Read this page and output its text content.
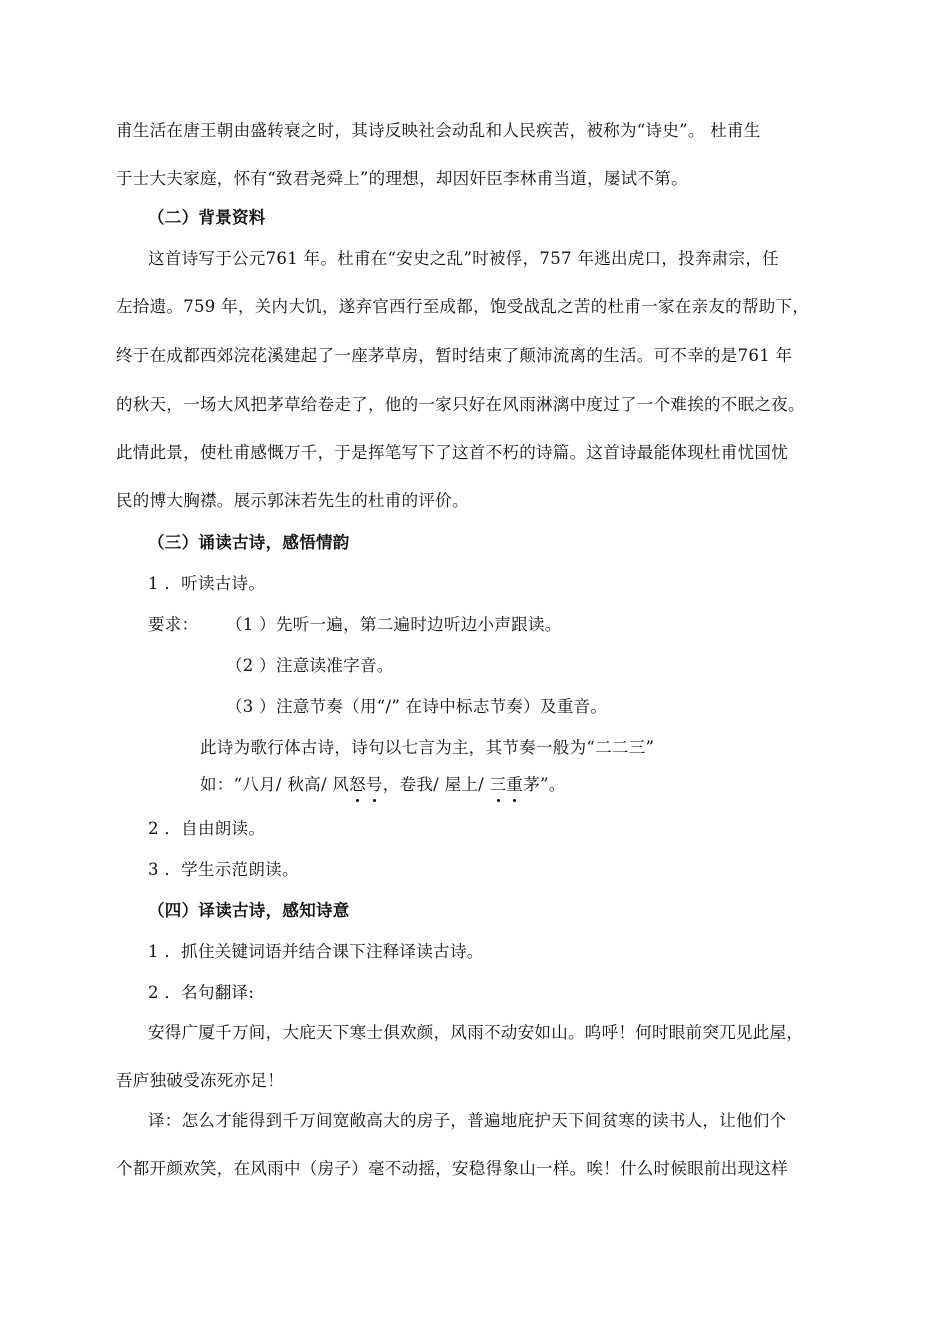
甫生活在唐王朝由盛转衰之时，其诗反映社会动乱和人民疾苦，被称为“诗史”。 杜甫生
于士大夫家庭，怀有“致君尧舜上”的理想，却因奸臣李林甫当道，屡试不第。
（二）背景资料
这首诗写于公元761 年。杜甫在“安史之乱”时被俘，757 年逃出虎口，投奔肃宗，任
左拾遗。759 年，关内大饥，遂弃官西行至成都，饱受战乱之苦的杜甫一家在亲友的帮助下，
终于在成都西郊浣花溪建起了一座茅草房，暂时结束了颠沛流离的生活。可不幸的是761 年
的秋天，一场大风把茅草给卷走了，他的一家只好在风雨淋漓中度过了一个难挨的不眠之夜。
此情此景，使杜甫感慨万千，于是挥笔写下了这首不朽的诗篇。这首诗最能体现杜甫忧国忧
民的博大胸襟。展示郭沫若先生的杜甫的评价。
（三）诵读古诗，感悟情韵
1 ．听读古诗。
要求： （1 ）先听一遍，第二遍时边听边小声跟读。
（2 ）注意读准字音。
（3 ）注意节奏（用“/” 在诗中标志节奏）及重音。
此诗为歌行体古诗，诗句以七言为主，其节奏一般为“二二三”
如：“八月/ 秋高/ 风怒号，卷我/ 屋上/ 三重茅”。
2 ．自由朗读。
3 ．学生示范朗读。
（四）译读古诗，感知诗意
1 ．抓住关键词语并结合课下注释译读古诗。
2 ．名句翻译:
安得广厦千万间，大庇天下寒士俱欢颜，风雨不动安如山。呜呼！何时眼前突兀见此屋，
吾庐独破受冻死亦足！
译：怎么才能得到千万间宽敞高大的房子，普遍地庇护天下间贫寒的读书人，让他们个
个都开颜欢笑，在风雨中（房子）毫不动摇，安稳得象山一样。唉！什么时候眼前出现这样
